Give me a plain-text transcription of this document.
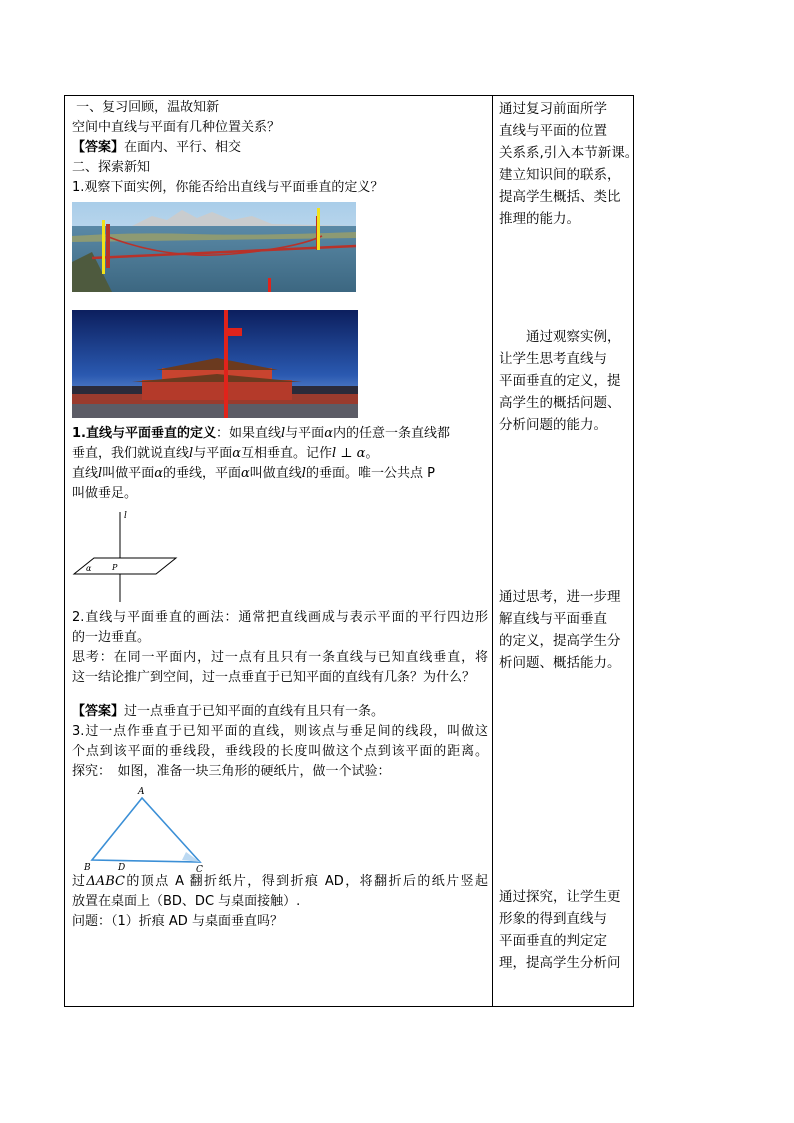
一、复习回顾，温故知新
空间中直线与平面有几种位置关系？
【答案】在面内、平行、相交
二、探索新知
1.观察下面实例，你能否给出直线与平面垂直的定义？
1.直线与平面垂直的定义：如果直线l与平面α内的任意一条直线都
垂直，我们就说直线l与平面α互相垂直。记作l ⊥ α。
直线l叫做平面α的垂线，平面α叫做直线l的垂面。唯一公共点 P
叫做垂足。
l
α	P
2.直线与平面垂直的画法：通常把直线画成与表示平面的平行四边形
的一边垂直。
思考：在同一平面内，过一点有且只有一条直线与已知直线垂直，将
这一结论推广到空间，过一点垂直于已知平面的直线有几条？为什么？
【答案】过一点垂直于已知平面的直线有且只有一条。
3.过一点作垂直于已知平面的直线，则该点与垂足间的线段，叫做这
个点到该平面的垂线段，垂线段的长度叫做这个点到该平面的距离。
探究：　如图，准备一块三角形的硬纸片，做一个试验：
A
B	D	C
过ΔABC的顶点 A 翻折纸片，得到折痕 AD，将翻折后的纸片竖起
放置在桌面上（BD、DC 与桌面接触）.
问题：（1）折痕 AD 与桌面垂直吗？
通过复习前面所学
直线与平面的位置
关系系,引入本节新课。
建立知识间的联系，
提高学生概括、类比
推理的能力。
　　通过观察实例，
让学生思考直线与
平面垂直的定义，提
高学生的概括问题、
分析问题的能力。
通过思考，进一步理
解直线与平面垂直
的定义，提高学生分
析问题、概括能力。
通过探究，让学生更
形象的得到直线与
平面垂直的判定定
理，提高学生分析问
